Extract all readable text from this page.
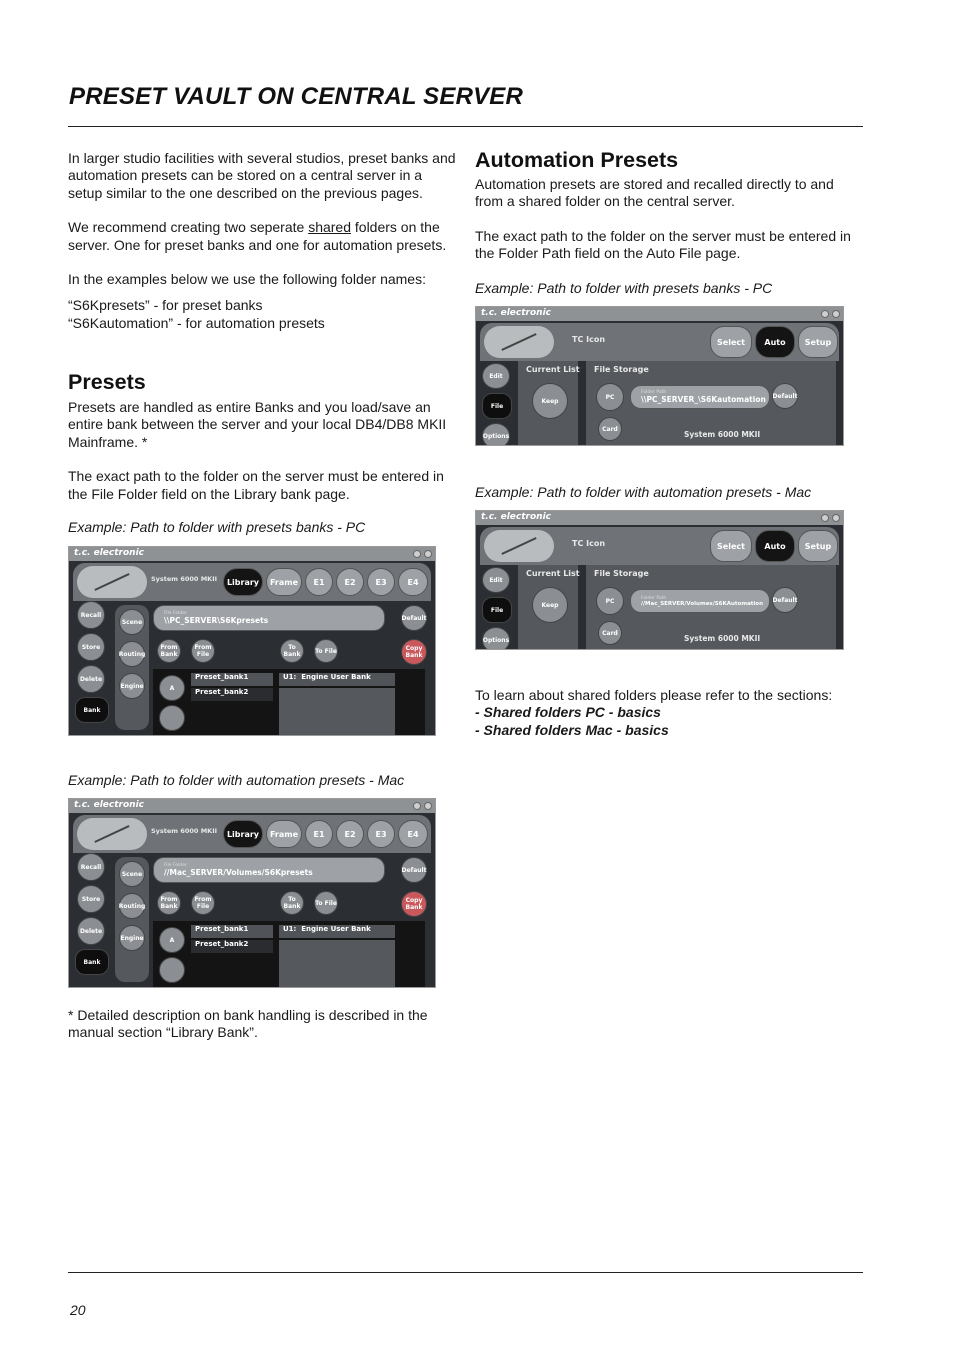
PRESET VAULT ON CENTRAL SERVER

In larger studio facilities with several studios, preset banks and automation presets can be stored on a central server in a setup similar to the one described on the previous pages.

We recommend creating two seperate shared folders on the server. One for preset banks and one for automation presets.

In the examples below we use the following folder names:

“S6Kpresets” - for preset banks

“S6Kautomation” - for automation presets

Presets

Presets are handled as entire Banks and you load/save an entire bank between the server and your local DB4/DB8 MKII Mainframe. *

The exact path to the folder on the server must be entered in the File Folder field on the Library bank page.

Example: Path to folder with presets banks - PC
Example: Path to folder with automation presets - Mac
* Detailed description on bank handling is described in the manual section “Library Bank”.
Automation Presets

Automation presets are stored and recalled directly to and from a shared folder on the central server.

The exact path to the folder on the server must be entered in the Folder Path field on the Auto File page.

Example: Path to folder with presets banks - PC
Example: Path to folder with automation presets - Mac

To learn about shared folders please refer to the sections:

- Shared folders PC - basics

- Shared folders Mac - basics

t.c. electronic
System 6000 MKII	Library	Frame	E1	E2	E3	E4
Recall
Store
Delete
Bank
Scene
Routing
Engine
File Folder
\\PC_SERVER\S6Kpresets	Default
From Bank
From File
To Bank	To File	Copy Bank
A
Preset_bank1
Preset_bank2
U1: Engine User Bank
t.c. electronic
System 6000 MKII	Library	Frame	E1	E2	E3	E4
Recall
Store
Delete
Bank
Scene
Routing
Engine
File Folder
//Mac_SERVER/Volumes/S6Kpresets	Default
From Bank
From File
To Bank	To File	Copy Bank
A
Preset_bank1
Preset_bank2
U1: Engine User Bank
t.c. electronic
TC Icon	Select	Auto	Setup
Edit
File
Options
Current List
Keep
File Storage
PC
Card
Folder Path
\\PC_SERVER_\S6Kautomation	Default
System 6000 MKII
t.c. electronic
TC Icon	Select	Auto	Setup
Edit
File
Options
Current List
Keep
File Storage
PC
Card
Folder Path
//Mac_SERVER/Volumes/S6KAutomation	Default
System 6000 MKII
20
